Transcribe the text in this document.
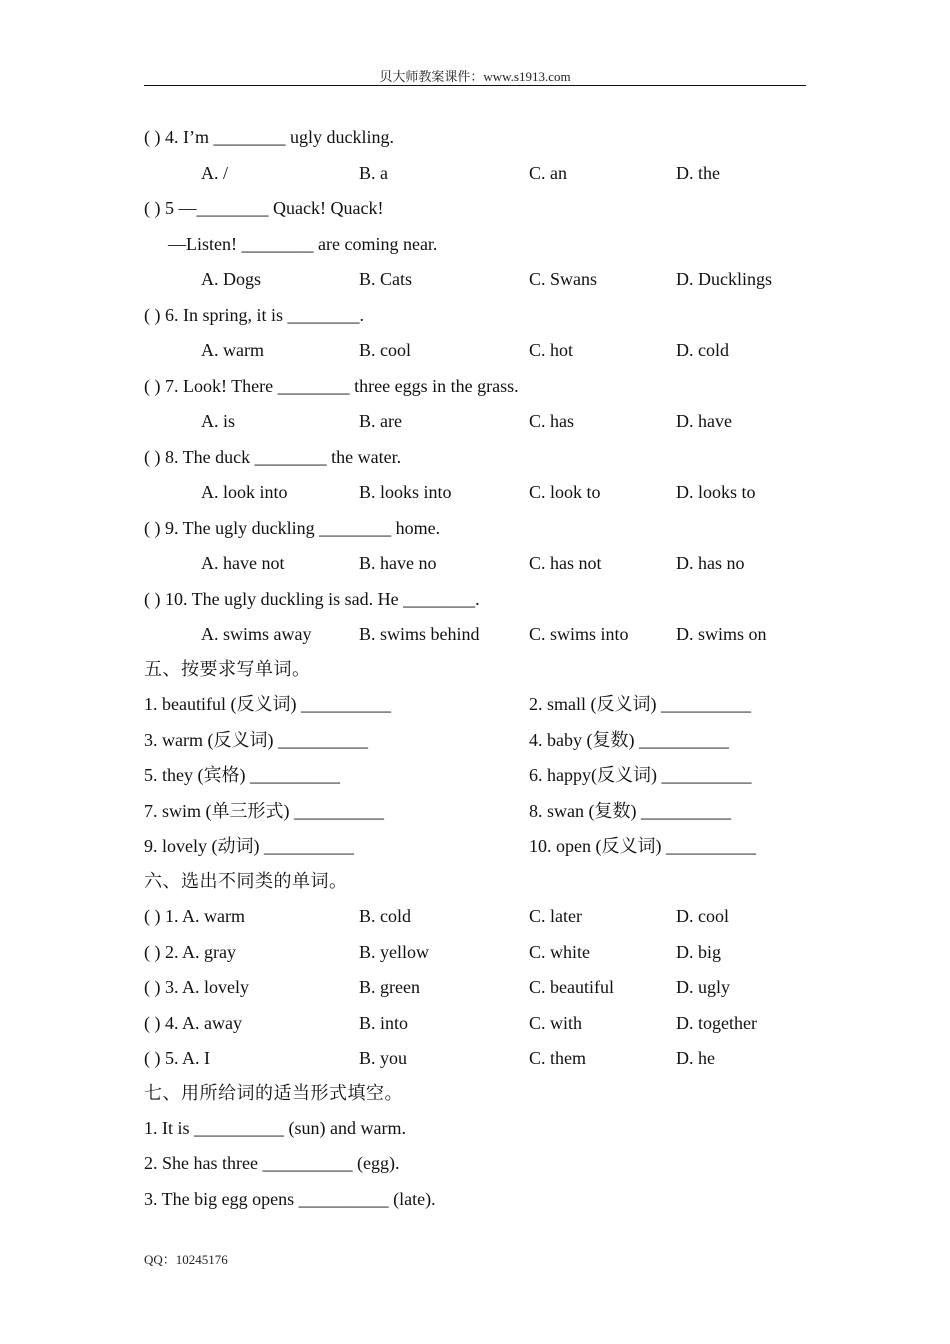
贝大师教案课件：www.s1913.com
( ) 4. I’m ________ ugly duckling.
A. /	B. a	C. an	D. the
( ) 5 —________ Quack! Quack!
—Listen! ________ are coming near.
A. Dogs	B. Cats	C. Swans	D. Ducklings
( ) 6. In spring, it is ________.
A. warm	B. cool	C. hot	D. cold
( ) 7. Look! There ________ three eggs in the grass.
A. is	B. are	C. has	D. have
( ) 8. The duck ________ the water.
A. look into	B. looks into	C. look to	D. looks to
( ) 9. The ugly duckling ________ home.
A. have not	B. have no	C. has not	D. has no
( ) 10. The ugly duckling is sad. He ________.
A. swims away	B. swims behind	C. swims into	D. swims on
五、按要求写单词。
1. beautiful (反义词) __________	2. small (反义词) __________
3. warm (反义词) __________	4. baby (复数) __________
5. they (宾格) __________	6. happy(反义词) __________
7. swim (单三形式) __________	8. swan (复数) __________
9. lovely (动词) __________	10. open (反义词) __________
六、选出不同类的单词。
( ) 1. A. warm	B. cold	C. later	D. cool
( ) 2. A. gray	B. yellow	C. white	D. big
( ) 3. A. lovely	B. green	C. beautiful	D. ugly
( ) 4. A. away	B. into	C. with	D. together
( ) 5. A. I	B. you	C. them	D. he
七、用所给词的适当形式填空。
1. It is __________ (sun) and warm.
2. She has three __________ (egg).
3. The big egg opens __________ (late).
QQ：10245176
